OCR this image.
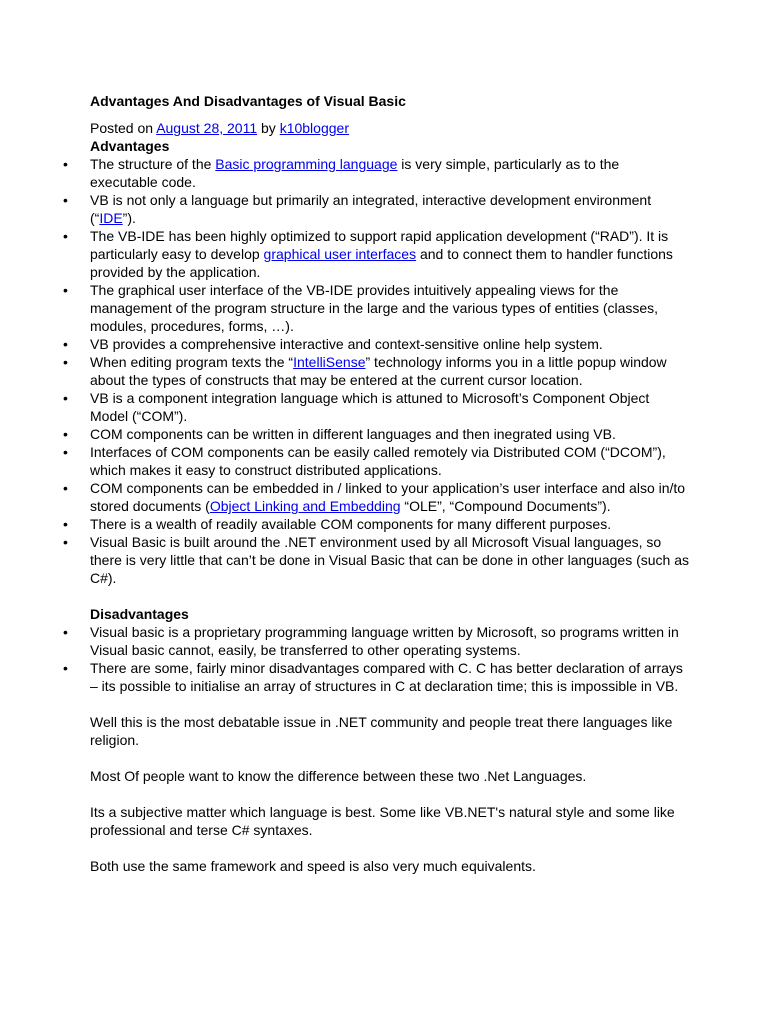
Advantages And Disadvantages of Visual Basic
Posted on August 28, 2011 by k10blogger

Advantages

• The structure of the Basic programming language is very simple, particularly as to the executable code.
• VB is not only a language but primarily an integrated, interactive development environment (“IDE”).
• The VB-IDE has been highly optimized to support rapid application development (“RAD”). It is particularly easy to develop graphical user interfaces and to connect them to handler functions provided by the application.
• The graphical user interface of the VB-IDE provides intuitively appealing views for the management of the program structure in the large and the various types of entities (classes, modules, procedures, forms, …).
• VB provides a comprehensive interactive and context-sensitive online help system.
• When editing program texts the “IntelliSense” technology informs you in a little popup window about the types of constructs that may be entered at the current cursor location.
• VB is a component integration language which is attuned to Microsoft’s Component Object Model (“COM”).
• COM components can be written in different languages and then inegrated using VB.
• Interfaces of COM components can be easily called remotely via Distributed COM (“DCOM”), which makes it easy to construct distributed applications.
• COM components can be embedded in / linked to your application’s user interface and also in/to stored documents (Object Linking and Embedding “OLE”, “Compound Documents”).
• There is a wealth of readily available COM components for many different purposes.
• Visual Basic is built around the .NET environment used by all Microsoft Visual languages, so there is very little that can’t be done in Visual Basic that can be done in other languages (such as C#).

Disadvantages

• Visual basic is a proprietary programming language written by Microsoft, so programs written in Visual basic cannot, easily, be transferred to other operating systems.
• There are some, fairly minor disadvantages compared with C. C has better declaration of arrays – its possible to initialise an array of structures in C at declaration time; this is impossible in VB.

Well this is the most debatable issue in .NET community and people treat there languages like religion.

Most Of people want to know the difference between these two .Net Languages.

Its a subjective matter which language is best. Some like VB.NET's natural style and some like professional and terse C# syntaxes.

Both use the same framework and speed is also very much equivalents.
